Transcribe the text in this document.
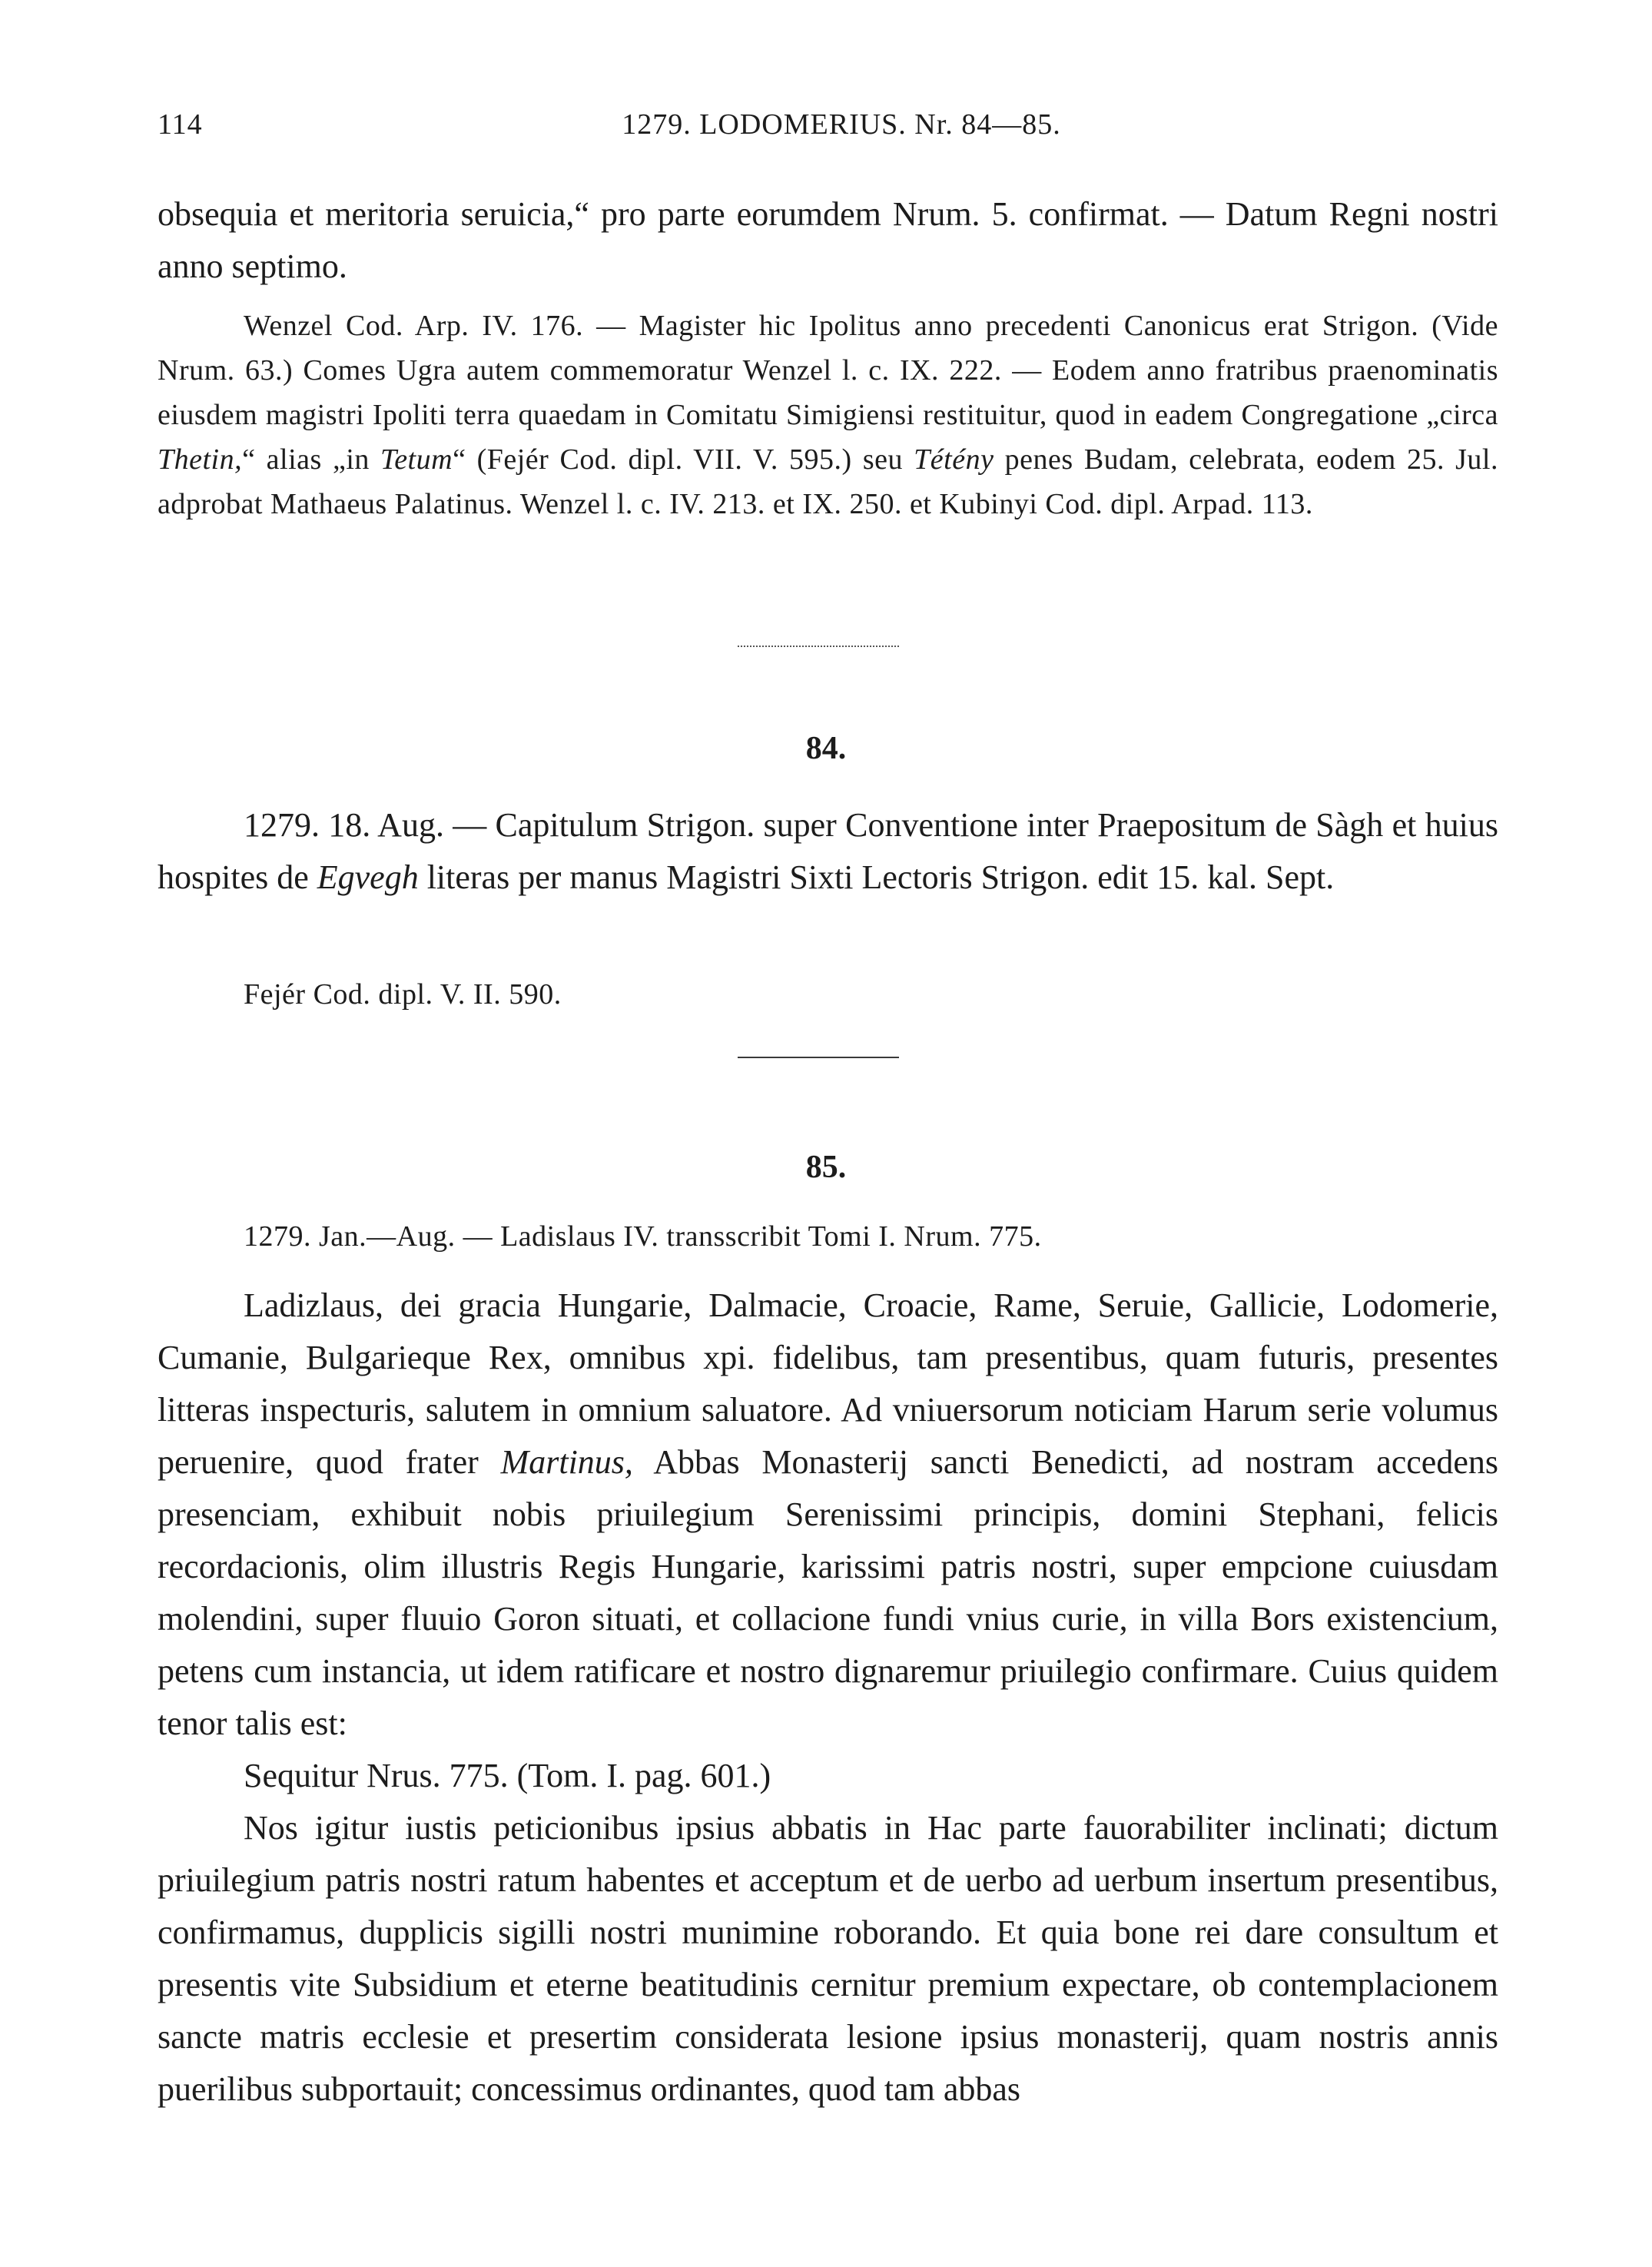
114	1279. LODOMERIUS. Nr. 84—85.

obsequia et meritoria seruicia,“ pro parte eorumdem Nrum. 5. confirmat. — Datum Regni nostri anno septimo.

Wenzel Cod. Arp. IV. 176. — Magister hic Ipolitus anno precedenti Canonicus erat Strigon. (Vide Nrum. 63.) Comes Ugra autem commemoratur Wenzel l. c. IX. 222. — Eodem anno fratribus praenominatis eiusdem magistri Ipoliti terra quaedam in Comitatu Simigiensi restituitur, quod in eadem Congregatione „circa Thetin,“ alias „in Tetum“ (Fejér Cod. dipl. VII. V. 595.) seu Tétény penes Budam, celebrata, eodem 25. Jul. adprobat Mathaeus Palatinus. Wenzel l. c. IV. 213. et IX. 250. et Kubinyi Cod. dipl. Arpad. 113.

84.

1279. 18. Aug. — Capitulum Strigon. super Conventione inter Praepositum de Sàgh et huius hospites de Egvegh literas per manus Magistri Sixti Lectoris Strigon. edit 15. kal. Sept.

Fejér Cod. dipl. V. II. 590.

85.

1279. Jan.—Aug. — Ladislaus IV. transscribit Tomi I. Nrum. 775.

Ladizlaus, dei gracia Hungarie, Dalmacie, Croacie, Rame, Seruie, Gallicie, Lodomerie, Cumanie, Bulgarieque Rex, omnibus xpi. fidelibus, tam presentibus, quam futuris, presentes litteras inspecturis, salutem in omnium saluatore. Ad vniuersorum noticiam Harum serie volumus peruenire, quod frater Martinus, Abbas Monasterij sancti Benedicti, ad nostram accedens presenciam, exhibuit nobis priuilegium Serenissimi principis, domini Stephani, felicis recordacionis, olim illustris Regis Hungarie, karissimi patris nostri, super empcione cuiusdam molendini, super fluuio Goron situati, et collacione fundi vnius curie, in villa Bors existencium, petens cum instancia, ut idem ratificare et nostro dignaremur priuilegio confirmare. Cuius quidem tenor talis est:

Sequitur Nrus. 775. (Tom. I. pag. 601.)

Nos igitur iustis peticionibus ipsius abbatis in Hac parte fauorabiliter inclinati; dictum priuilegium patris nostri ratum habentes et acceptum et de uerbo ad uerbum insertum presentibus, confirmamus, dupplicis sigilli nostri munimine roborando. Et quia bone rei dare consultum et presentis vite Subsidium et eterne beatitudinis cernitur premium expectare, ob contemplacionem sancte matris ecclesie et presertim considerata lesione ipsius monasterij, quam nostris annis puerilibus subportauit; concessimus ordinantes, quod tam abbas
